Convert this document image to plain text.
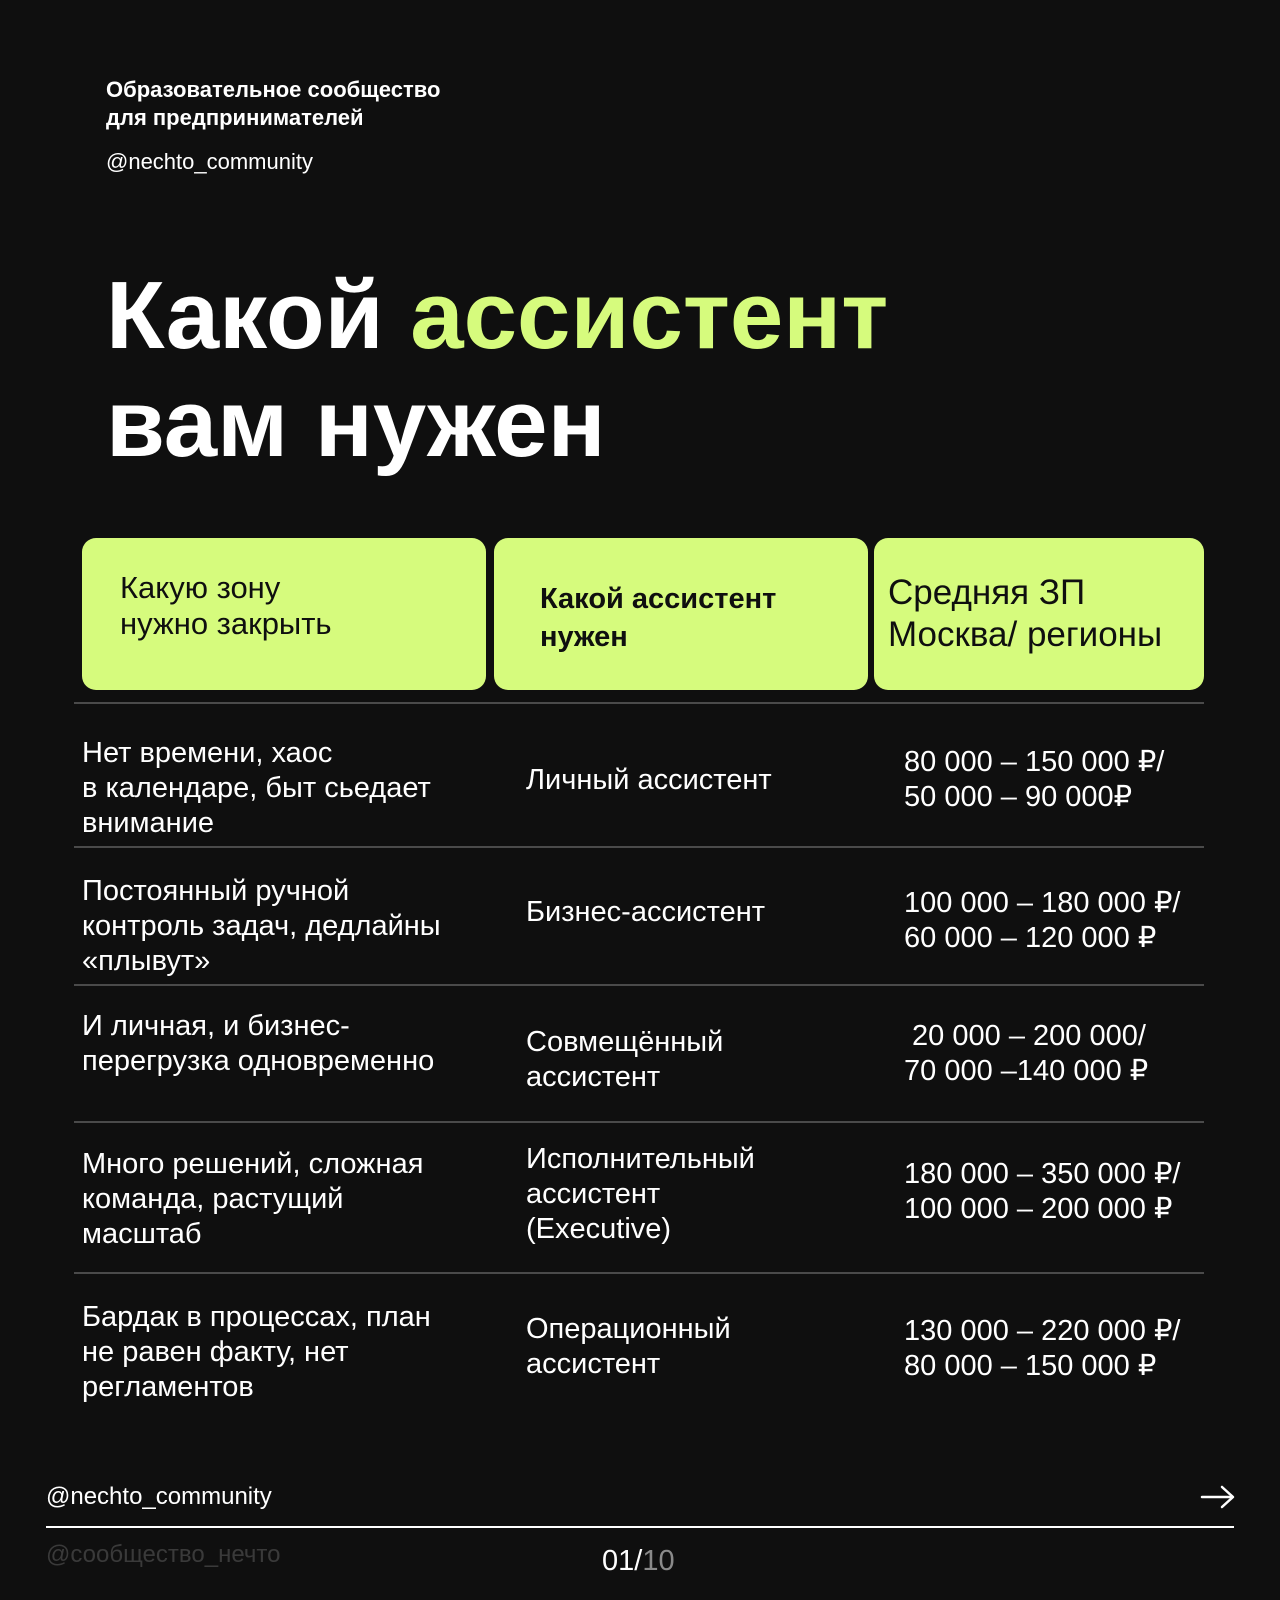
Образовательное сообщество
для предпринимателей
@nechto_community
Какой ассистент
вам нужен
Какую зону
нужно закрыть
Какой ассистент
нужен
Средняя ЗП
Москва/ регионы
Нет времени, хаос
в календаре, быт сьедает
внимание
Личный ассистент
80 000 – 150 000 ₽/
50 000 – 90 000₽
Постоянный ручной
контроль задач, дедлайны
«плывут»
Бизнес-ассистент	100 000 – 180 000 ₽/
60 000 – 120 000 ₽
И личная, и бизнес-
перегрузка одновременно
Совмещённый
ассистент
20 000 – 200 000/
70 000 –140 000 ₽
Много решений, сложная
команда, растущий
масштаб
Исполнительный
ассистент
(Executive)
180 000 – 350 000 ₽/
100 000 – 200 000 ₽
Бардак в процессах, план
не равен факту, нет
регламентов
Операционный
ассистент
130 000 – 220 000 ₽/
80 000 – 150 000 ₽
@nechto_community
@сообщество_нечто	01/10
